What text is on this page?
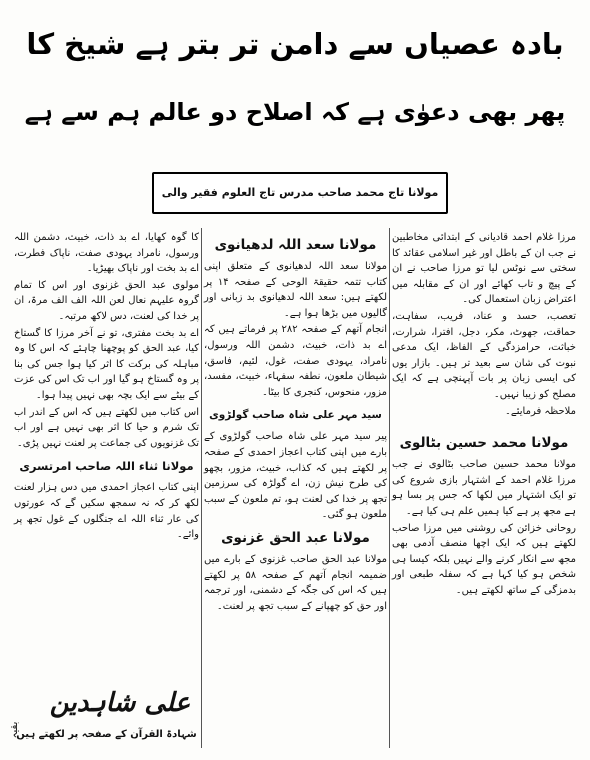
بادہ عصیاں سے دامن تر بتر ہے شیخ کا
پھر بھی دعوٰی ہے کہ اصلاح دو عالم ہم سے ہے
مولانا تاج محمد صاحب مدرس تاج العلوم فقیر والی

مرزا غلام احمد قادیانی کے ابتدائی مخاطبین نے جب ان کے باطل اور غیر اسلامی عقائد کا سختی سے نوٹس لیا تو مرزا صاحب نے ان کے پیچ و تاب کھائے اور ان کے مقابلہ میں اعتراض زبان استعمال کی۔

تعصب، حسد و عناد، فریب، سفاہت، حماقت، جھوٹ، مکر، دجل، افترا، شرارت، خباثت، حرامزدگی کے الفاظ، ایک مدعی نبوت کی شان سے بعید تر ہیں۔ بازار یوں کی ایسی زبان پر بات آپہنچی ہے کہ ایک مصلح کو زیبا نہیں۔

ملاحظہ فرمایئے۔

مولانا محمد حسین بٹالوی

مولانا محمد حسین صاحب بٹالوی نے جب مرزا غلام احمد کے اشتہار بازی شروع کی تو ایک اشتہار میں لکھا کہ جس پر بسا ہو ہے مجھ پر ہے کیا ہمیں علم ہی کیا ہے۔

روحانی خزائن کی روشنی میں مرزا صاحب لکھتے ہیں کہ ایک اچھا منصف آدمی بھی مجھ سے انکار کرنے والے نہیں بلکہ کیسا ہی شخص ہو کیا کہا ہے کہ سفلہ طبعی اور بدمزگی کے ساتھ لکھتے ہیں۔

مولانا سعد اللہ لدھیانوی

مولانا سعد اللہ لدھیانوی کے متعلق اپنی کتاب تتمہ حقیقۃ الوحی کے صفحہ ۱۴ پر لکھتے ہیں: سعد اللہ لدھیانوی بد زبانی اور گالیوں میں بڑھا ہوا ہے۔

انجام آتھم کے صفحہ ۲۸۲ پر فرماتے ہیں کہ اے بد ذات، خبیث، دشمن اللہ ورسول، نامراد، یہودی صفت، غول، لئیم، فاسق، شیطان ملعون، نطفہ سفہاء، خبیث، مفسد، مزور، منحوس، کنجری کا بیٹا۔

سید مہر علی شاہ صاحب گولڑوی

پیر سید مہر علی شاہ صاحب گولڑوی کے بارے میں اپنی کتاب اعجاز احمدی کے صفحہ پر لکھتے ہیں کہ کذاب، خبیث، مزور، بچھو کی طرح نیش زن، اے گولڑہ کی سرزمین تجھ پر خدا کی لعنت ہو، تم ملعون کے سبب ملعون ہو گئی۔

مولانا عبد الحق غزنوی

مولانا عبد الحق صاحب غزنوی کے بارے میں ضمیمہ انجام آتھم کے صفحہ ۵۸ پر لکھتے ہیں کہ اس کی جگہ کے دشمنی، اور ترجمہ اور حق کو چھپانے کے سبب تجھ پر لعنت۔

کا گوہ کھایا، اے بد ذات، خبیث، دشمن اللہ ورسول، نامراد یہودی صفت، ناپاک فطرت، اے بد بخت اور ناپاک بھیڑیا۔

مولوی عبد الحق غزنوی اور اس کا تمام گروہ علیہم نعال لعن اللہ الف الف مرۃ، ان پر خدا کی لعنت، دس لاکھ مرتبہ۔

اے بد بخت مفتری، تو نے آخر مرزا کا گستاخ کیا، عبد الحق کو پوچھنا چاہئے کہ اس کا وہ مباہلہ کی برکت کا اثر کیا ہوا جس کی بنا پر وہ گستاخ ہو گیا اور اب تک اس کی عزت کے بیٹے سے ایک بچہ بھی نہیں پیدا ہوا۔

اس کتاب میں لکھتے ہیں کہ اس کے اندر اب تک شرم و حیا کا اثر بھی نہیں ہے اور اب تک غزنویوں کی جماعت پر لعنت نہیں پڑی۔

مولانا ثناء اللہ صاحب امرتسری

اپنی کتاب اعجاز احمدی میں دس ہزار لعنت لکھ کر کہ نہ سمجھ سکیں گے کہ عورتوں کی عار ثناء اللہ اے جنگلوں کے غول تجھ پر وائے۔

علی شاہدین
شہادۃ القرآن کے صفحہ پر لکھتے ہیں
بقیہ
